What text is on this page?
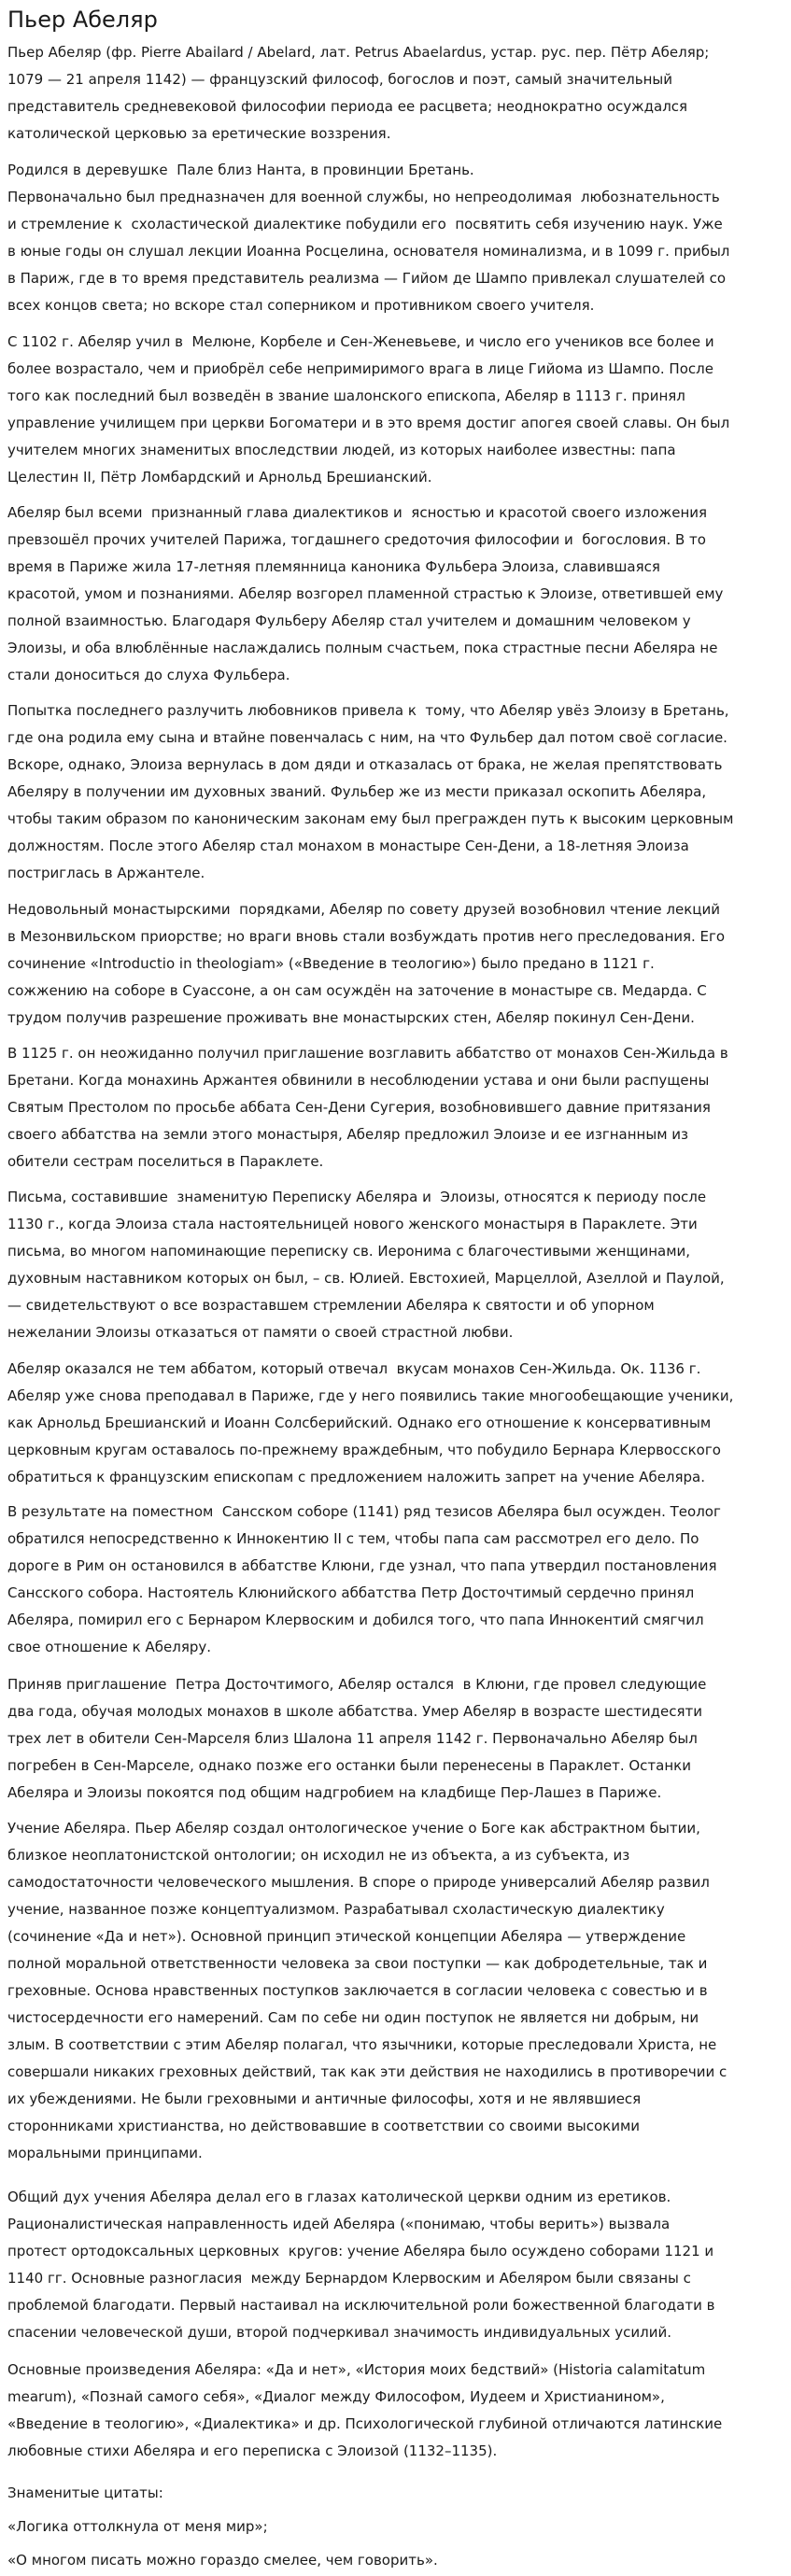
Пьер Абеляр

Пьер Абеляр (фр. Pierre Abailard / Abelard, лат. Petrus Abaelardus, устар. рус. пер. Пётр Абеляр;
1079 — 21 апреля 1142) — французский философ, богослов и поэт, самый значительный
представитель средневековой философии периода ее расцвета; неоднократно осуждался
католической церковью за еретические воззрения.

Родился в деревушке  Пале близ Нанта, в провинции Бретань.
Первоначально был предназначен для военной службы, но непреодолимая  любознательность
и стремление к  схоластической диалектике побудили его  посвятить себя изучению наук. Уже
в юные годы он слушал лекции Иоанна Росцелина, основателя номинализма, и в 1099 г. прибыл
в Париж, где в то время представитель реализма — Гийом де Шампо привлекал слушателей со
всех концов света; но вскоре стал соперником и противником своего учителя.

С 1102 г. Абеляр учил в  Мелюне, Корбеле и Сен-Женевьеве, и число его учеников все более и
более возрастало, чем и приобрёл себе непримиримого врага в лице Гийома из Шампо. После
того как последний был возведён в звание шалонского епископа, Абеляр в 1113 г. принял
управление училищем при церкви Богоматери и в это время достиг апогея своей славы. Он был
учителем многих знаменитых впоследствии людей, из которых наиболее известны: папа
Целестин II, Пётр Ломбардский и Арнольд Брешианский.

Абеляр был всеми  признанный глава диалектиков и  ясностью и красотой своего изложения
превзошёл прочих учителей Парижа, тогдашнего средоточия философии и  богословия. В то
время в Париже жила 17-летняя племянница каноника Фульбера Элоиза, славившаяся
красотой, умом и познаниями. Абеляр возгорел пламенной страстью к Элоизе, ответившей ему
полной взаимностью. Благодаря Фульберу Абеляр стал учителем и домашним человеком у
Элоизы, и оба влюблённые наслаждались полным счастьем, пока страстные песни Абеляра не
стали доноситься до слуха Фульбера.

Попытка последнего разлучить любовников привела к  тому, что Абеляр увёз Элоизу в Бретань,
где она родила ему сына и втайне повенчалась с ним, на что Фульбер дал потом своё согласие.
Вскоре, однако, Элоиза вернулась в дом дяди и отказалась от брака, не желая препятствовать
Абеляру в получении им духовных званий. Фульбер же из мести приказал оскопить Абеляра,
чтобы таким образом по каноническим законам ему был прегражден путь к высоким церковным
должностям. После этого Абеляр стал монахом в монастыре Сен-Дени, а 18-летняя Элоиза
постриглась в Аржантеле.

Недовольный монастырскими  порядками, Абеляр по совету друзей возобновил чтение лекций
в Мезонвильском приорстве; но враги вновь стали возбуждать против него преследования. Его
сочинение «Introductio in theologiam» («Введение в теологию») было предано в 1121 г.
сожжению на соборе в Суассоне, а он сам осуждён на заточение в монастыре св. Медарда. С
трудом получив разрешение проживать вне монастырских стен, Абеляр покинул Сен-Дени.

В 1125 г. он неожиданно получил приглашение возглавить аббатство от монахов Сен-Жильда в
Бретани. Когда монахинь Аржантея обвинили в несоблюдении устава и они были распущены
Святым Престолом по просьбе аббата Сен-Дени Сугерия, возобновившего давние притязания
своего аббатства на земли этого монастыря, Абеляр предложил Элоизе и ее изгнанным из
обители сестрам поселиться в Параклете.

Письма, составившие  знаменитую Переписку Абеляра и  Элоизы, относятся к периоду после
1130 г., когда Элоиза стала настоятельницей нового женского монастыря в Параклете. Эти
письма, во многом напоминающие переписку св. Иеронима с благочестивыми женщинами,
духовным наставником которых он был, – св. Юлией. Евстохией, Марцеллой, Азеллой и Паулой,
— свидетельствуют о все возраставшем стремлении Абеляра к святости и об упорном
нежелании Элоизы отказаться от памяти о своей страстной любви.

Абеляр оказался не тем аббатом, который отвечал  вкусам монахов Сен-Жильда. Ок. 1136 г.
Абеляр уже снова преподавал в Париже, где у него появились такие многообещающие ученики,
как Арнольд Брешианский и Иоанн Солсберийский. Однако его отношение к консервативным
церковным кругам оставалось по-прежнему враждебным, что побудило Бернара Клервосского
обратиться к французским епископам с предложением наложить запрет на учение Абеляра.

В результате на поместном  Сансском соборе (1141) ряд тезисов Абеляра был осужден. Теолог
обратился непосредственно к Иннокентию II с тем, чтобы папа сам рассмотрел его дело. По
дороге в Рим он остановился в аббатстве Клюни, где узнал, что папа утвердил постановления
Сансского собора. Настоятель Клюнийского аббатства Петр Досточтимый сердечно принял
Абеляра, помирил его с Бернаром Клервоским и добился того, что папа Иннокентий смягчил
свое отношение к Абеляру.

Приняв приглашение  Петра Досточтимого, Абеляр остался  в Клюни, где провел следующие
два года, обучая молодых монахов в школе аббатства. Умер Абеляр в возрасте шестидесяти
трех лет в обители Сен-Марселя близ Шалона 11 апреля 1142 г. Первоначально Абеляр был
погребен в Сен-Марселе, однако позже его останки были перенесены в Параклет. Останки
Абеляра и Элоизы покоятся под общим надгробием на кладбище Пер-Лашез в Париже.

Учение Абеляра. Пьер Абеляр создал онтологическое учение о Боге как абстрактном бытии,
близкое неоплатонистской онтологии; он исходил не из объекта, а из субъекта, из
самодостаточности человеческого мышления. В споре о природе универсалий Абеляр развил
учение, названное позже концептуализмом. Разрабатывал схоластическую диалектику
(сочинение «Да и нет»). Основной принцип этической концепции Абеляра — утверждение
полной моральной ответственности человека за свои поступки — как добродетельные, так и
греховные. Основа нравственных поступков заключается в согласии человека с совестью и в
чистосердечности его намерений. Сам по себе ни один поступок не является ни добрым, ни
злым. В соответствии с этим Абеляр полагал, что язычники, которые преследовали Христа, не
совершали никаких греховных действий, так как эти действия не находились в противоречии с
их убеждениями. Не были греховными и античные философы, хотя и не являвшиеся
сторонниками христианства, но действовавшие в соответствии со своими высокими
моральными принципами.

Общий дух учения Абеляра делал его в глазах католической церкви одним из еретиков.
Рационалистическая направленность идей Абеляра («понимаю, чтобы верить») вызвала
протест ортодоксальных церковных  кругов: учение Абеляра было осуждено соборами 1121 и
1140 гг. Основные разногласия  между Бернардом Клервоским и Абеляром были связаны с
проблемой благодати. Первый настаивал на исключительной роли божественной благодати в
спасении человеческой души, второй подчеркивал значимость индивидуальных усилий.

Основные произведения Абеляра: «Да и нет», «История моих бедствий» (Historia calamitatum
mearum), «Познай самого себя», «Диалог между Философом, Иудеем и Христианином»,
«Введение в теологию», «Диалектика» и др. Психологической глубиной отличаются латинские
любовные стихи Абеляра и его переписка с Элоизой (1132–1135).

Знаменитые цитаты:

«Логика оттолкнула от меня мир»;

«О многом писать можно гораздо смелее, чем говорить».
